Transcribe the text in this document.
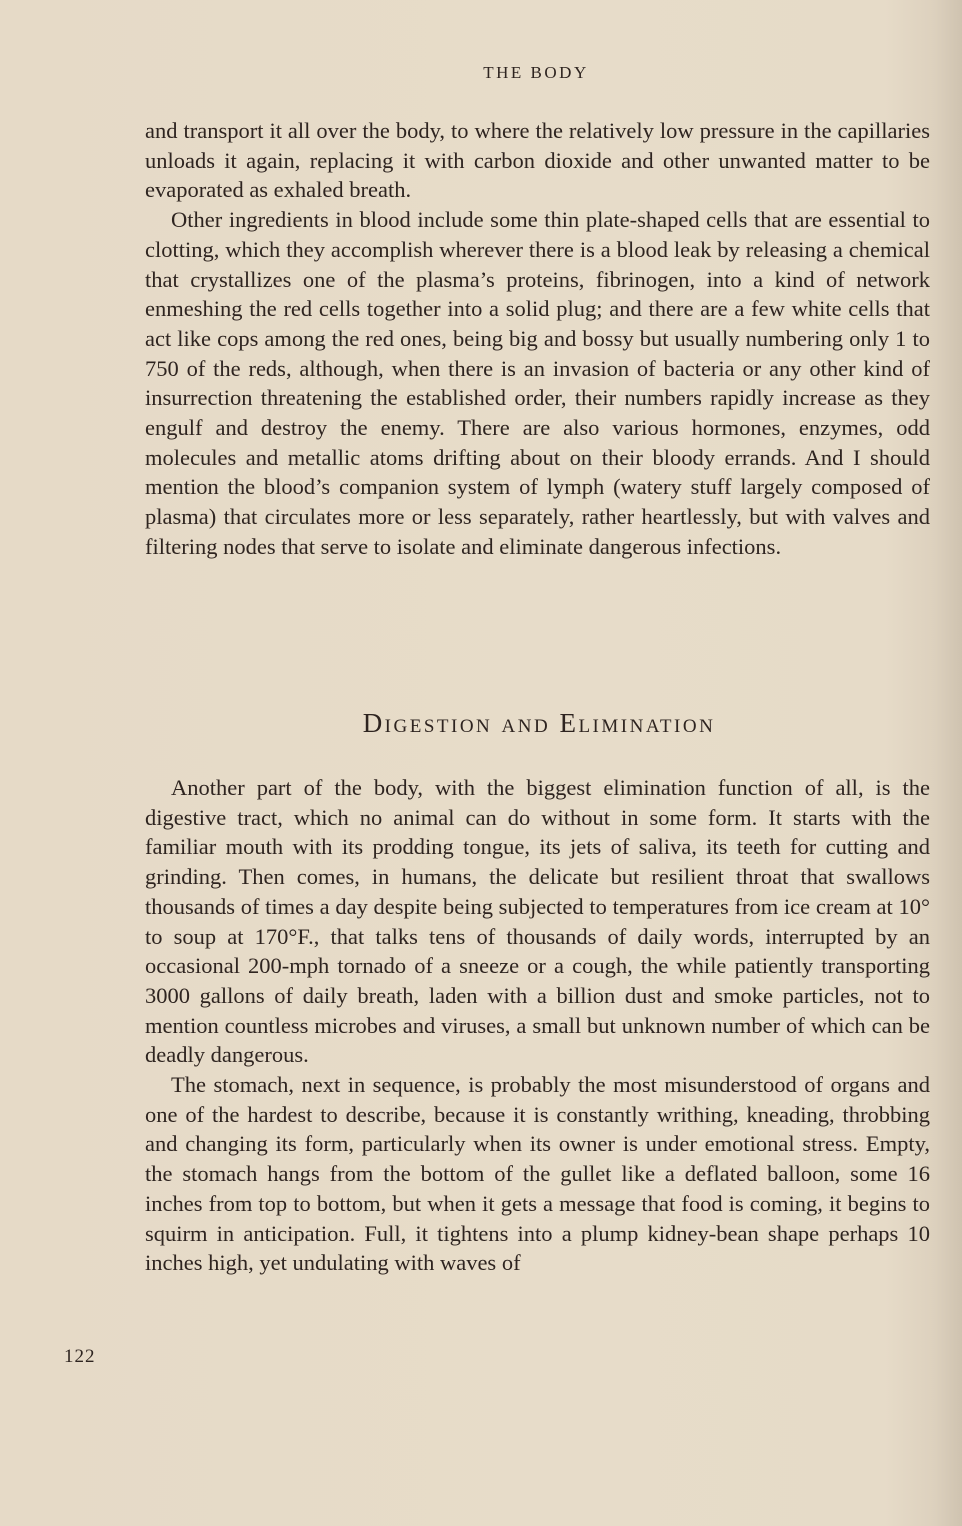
THE BODY

and transport it all over the body, to where the relatively low pressure in the capillaries unloads it again, replacing it with carbon dioxide and other unwanted matter to be evaporated as exhaled breath.

Other ingredients in blood include some thin plate-shaped cells that are essential to clotting, which they accomplish wherever there is a blood leak by releasing a chemical that crystallizes one of the plasma’s proteins, fibrinogen, into a kind of network enmeshing the red cells together into a solid plug; and there are a few white cells that act like cops among the red ones, being big and bossy but usually numbering only 1 to 750 of the reds, although, when there is an invasion of bacteria or any other kind of insurrection threatening the established order, their numbers rapidly increase as they engulf and destroy the enemy. There are also various hormones, enzymes, odd molecules and metallic atoms drifting about on their bloody errands. And I should mention the blood’s companion system of lymph (watery stuff largely composed of plasma) that circulates more or less separately, rather heartlessly, but with valves and filtering nodes that serve to isolate and eliminate dangerous infections.

Digestion and Elimination

Another part of the body, with the biggest elimination function of all, is the digestive tract, which no animal can do without in some form. It starts with the familiar mouth with its prodding tongue, its jets of saliva, its teeth for cutting and grinding. Then comes, in humans, the delicate but resilient throat that swallows thousands of times a day despite being subjected to temperatures from ice cream at 10° to soup at 170°F., that talks tens of thousands of daily words, interrupted by an occasional 200-mph tornado of a sneeze or a cough, the while patiently transporting 3000 gallons of daily breath, laden with a billion dust and smoke particles, not to mention countless microbes and viruses, a small but unknown number of which can be deadly dangerous.

The stomach, next in sequence, is probably the most misunderstood of organs and one of the hardest to describe, because it is constantly writhing, kneading, throbbing and changing its form, particularly when its owner is under emotional stress. Empty, the stomach hangs from the bottom of the gullet like a deflated balloon, some 16 inches from top to bottom, but when it gets a message that food is coming, it begins to squirm in anticipation. Full, it tightens into a plump kidney-bean shape perhaps 10 inches high, yet undulating with waves of

122
